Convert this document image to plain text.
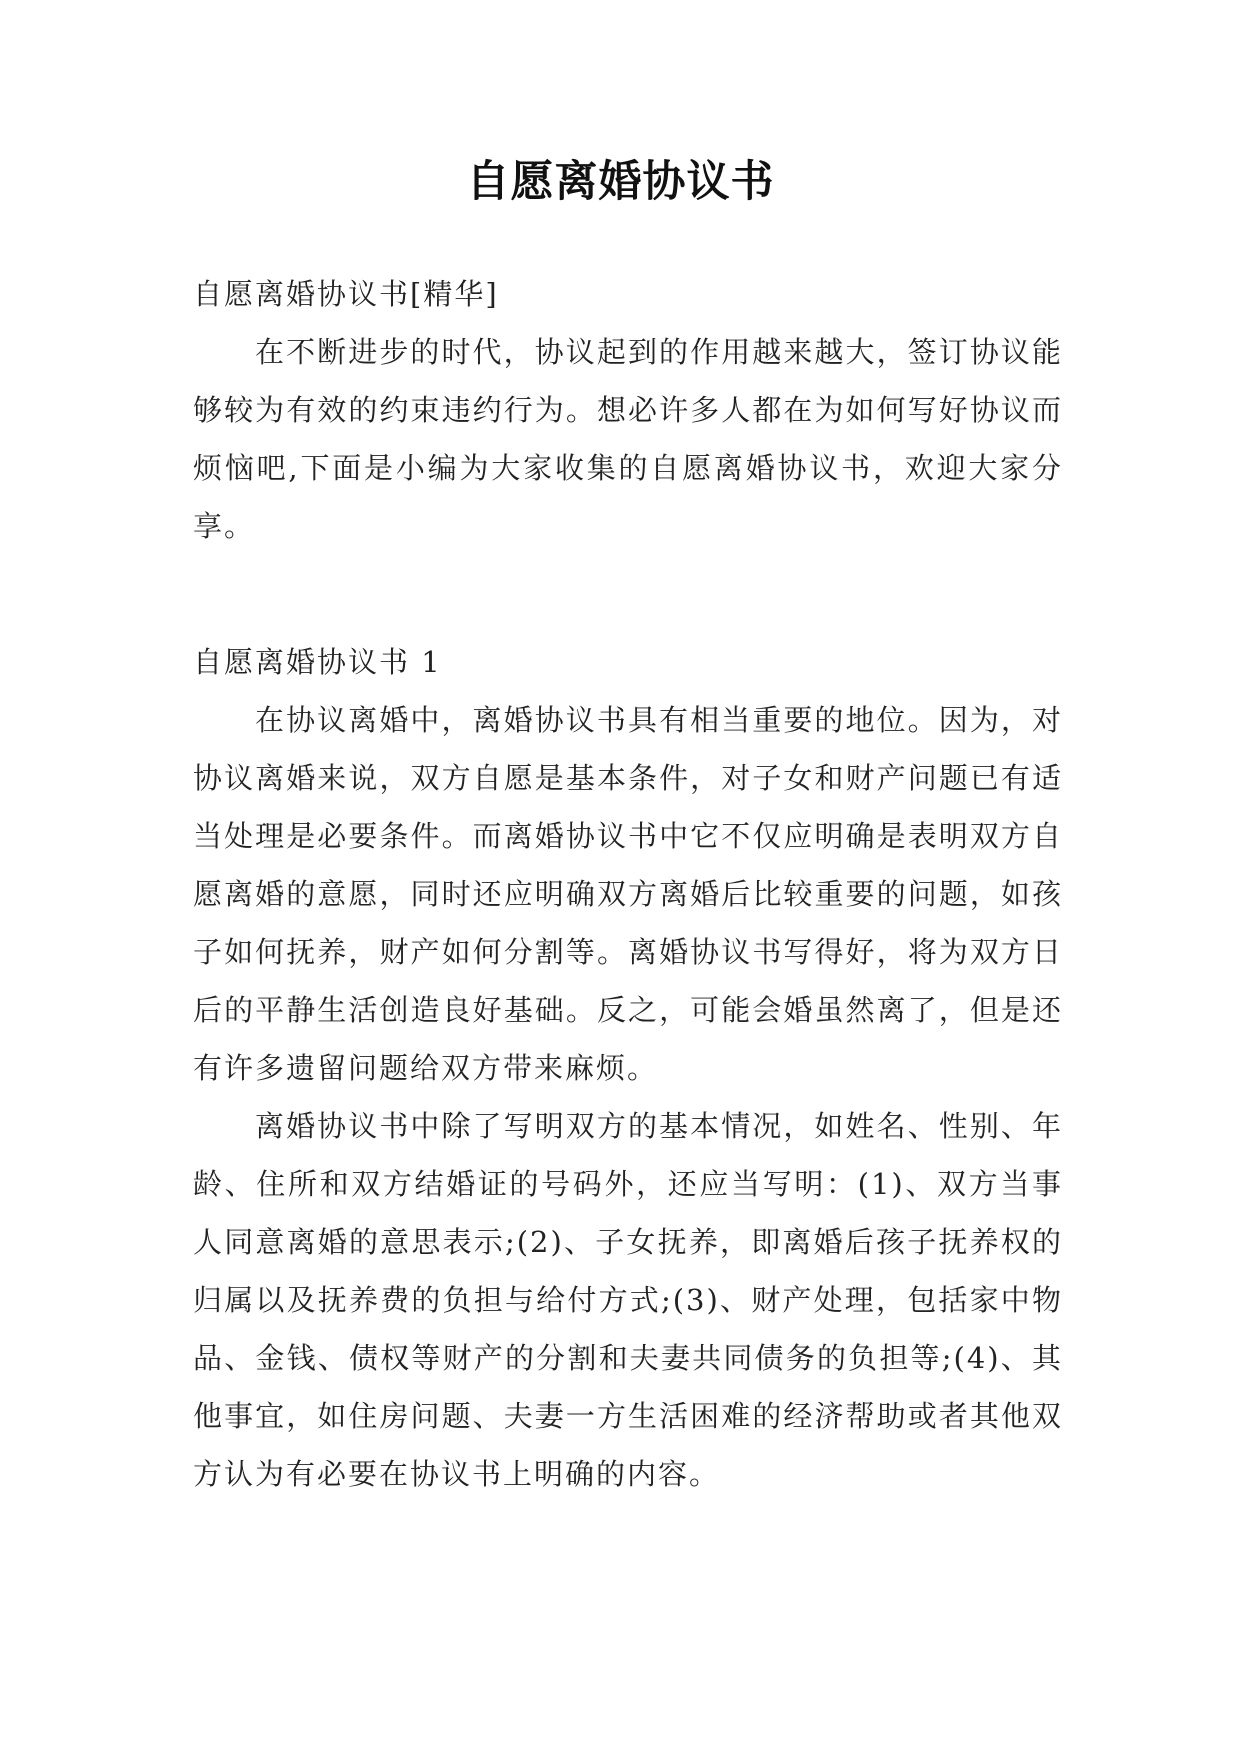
自愿离婚协议书

自愿离婚协议书[精华]

在不断进步的时代，协议起到的作用越来越大，签订协议能够较为有效的约束违约行为。想必许多人都在为如何写好协议而烦恼吧,下面是小编为大家收集的自愿离婚协议书，欢迎大家分享。

自愿离婚协议书 1

在协议离婚中，离婚协议书具有相当重要的地位。因为，对协议离婚来说，双方自愿是基本条件，对子女和财产问题已有适当处理是必要条件。而离婚协议书中它不仅应明确是表明双方自愿离婚的意愿，同时还应明确双方离婚后比较重要的问题，如孩子如何抚养，财产如何分割等。离婚协议书写得好，将为双方日后的平静生活创造良好基础。反之，可能会婚虽然离了，但是还有许多遗留问题给双方带来麻烦。

离婚协议书中除了写明双方的基本情况，如姓名、性别、年龄、住所和双方结婚证的号码外，还应当写明：(1)、双方当事人同意离婚的意思表示;(2)、子女抚养，即离婚后孩子抚养权的归属以及抚养费的负担与给付方式;(3)、财产处理，包括家中物品、金钱、债权等财产的分割和夫妻共同债务的负担等;(4)、其他事宜，如住房问题、夫妻一方生活困难的经济帮助或者其他双方认为有必要在协议书上明确的内容。
